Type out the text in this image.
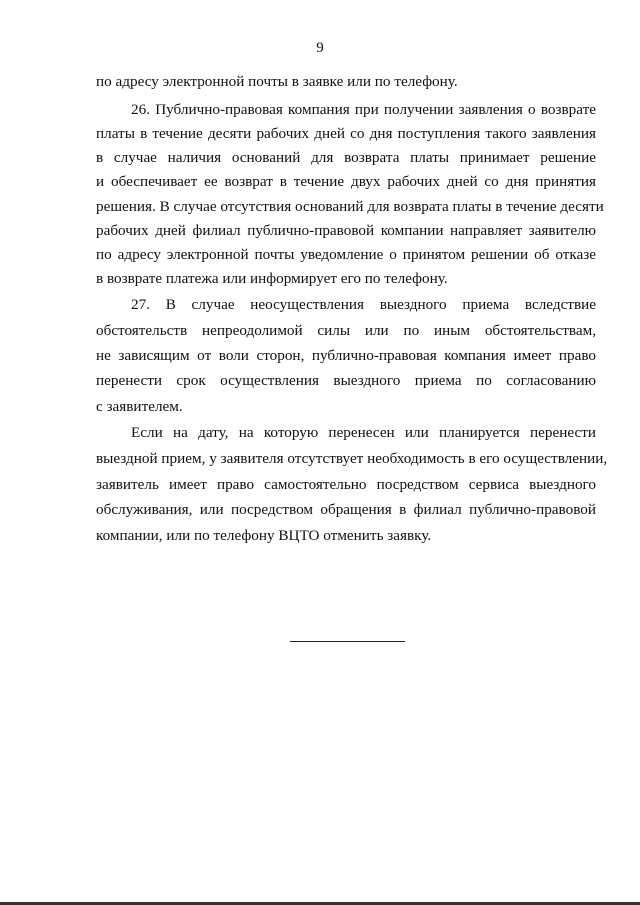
9
по адресу электронной почты в заявке или по телефону.
26. Публично-правовая компания при получении заявления о возврате
платы в течение десяти рабочих дней со дня поступления такого заявления
в случае наличия оснований для возврата платы принимает решение
и обеспечивает ее возврат в течение двух рабочих дней со дня принятия
решения. В случае отсутствия оснований для возврата платы в течение десяти
рабочих дней филиал публично-правовой компании направляет заявителю
по адресу электронной почты уведомление о принятом решении об отказе
в возврате платежа или информирует его по телефону.
27. В случае неосуществления выездного приема вследствие
обстоятельств непреодолимой силы или по иным обстоятельствам,
не зависящим от воли сторон, публично-правовая компания имеет право
перенести срок осуществления выездного приема по согласованию
с заявителем.
Если на дату, на которую перенесен или планируется перенести
выездной прием, у заявителя отсутствует необходимость в его осуществлении,
заявитель имеет право самостоятельно посредством сервиса выездного
обслуживания, или посредством обращения в филиал публично-правовой
компании, или по телефону ВЦТО отменить заявку.
